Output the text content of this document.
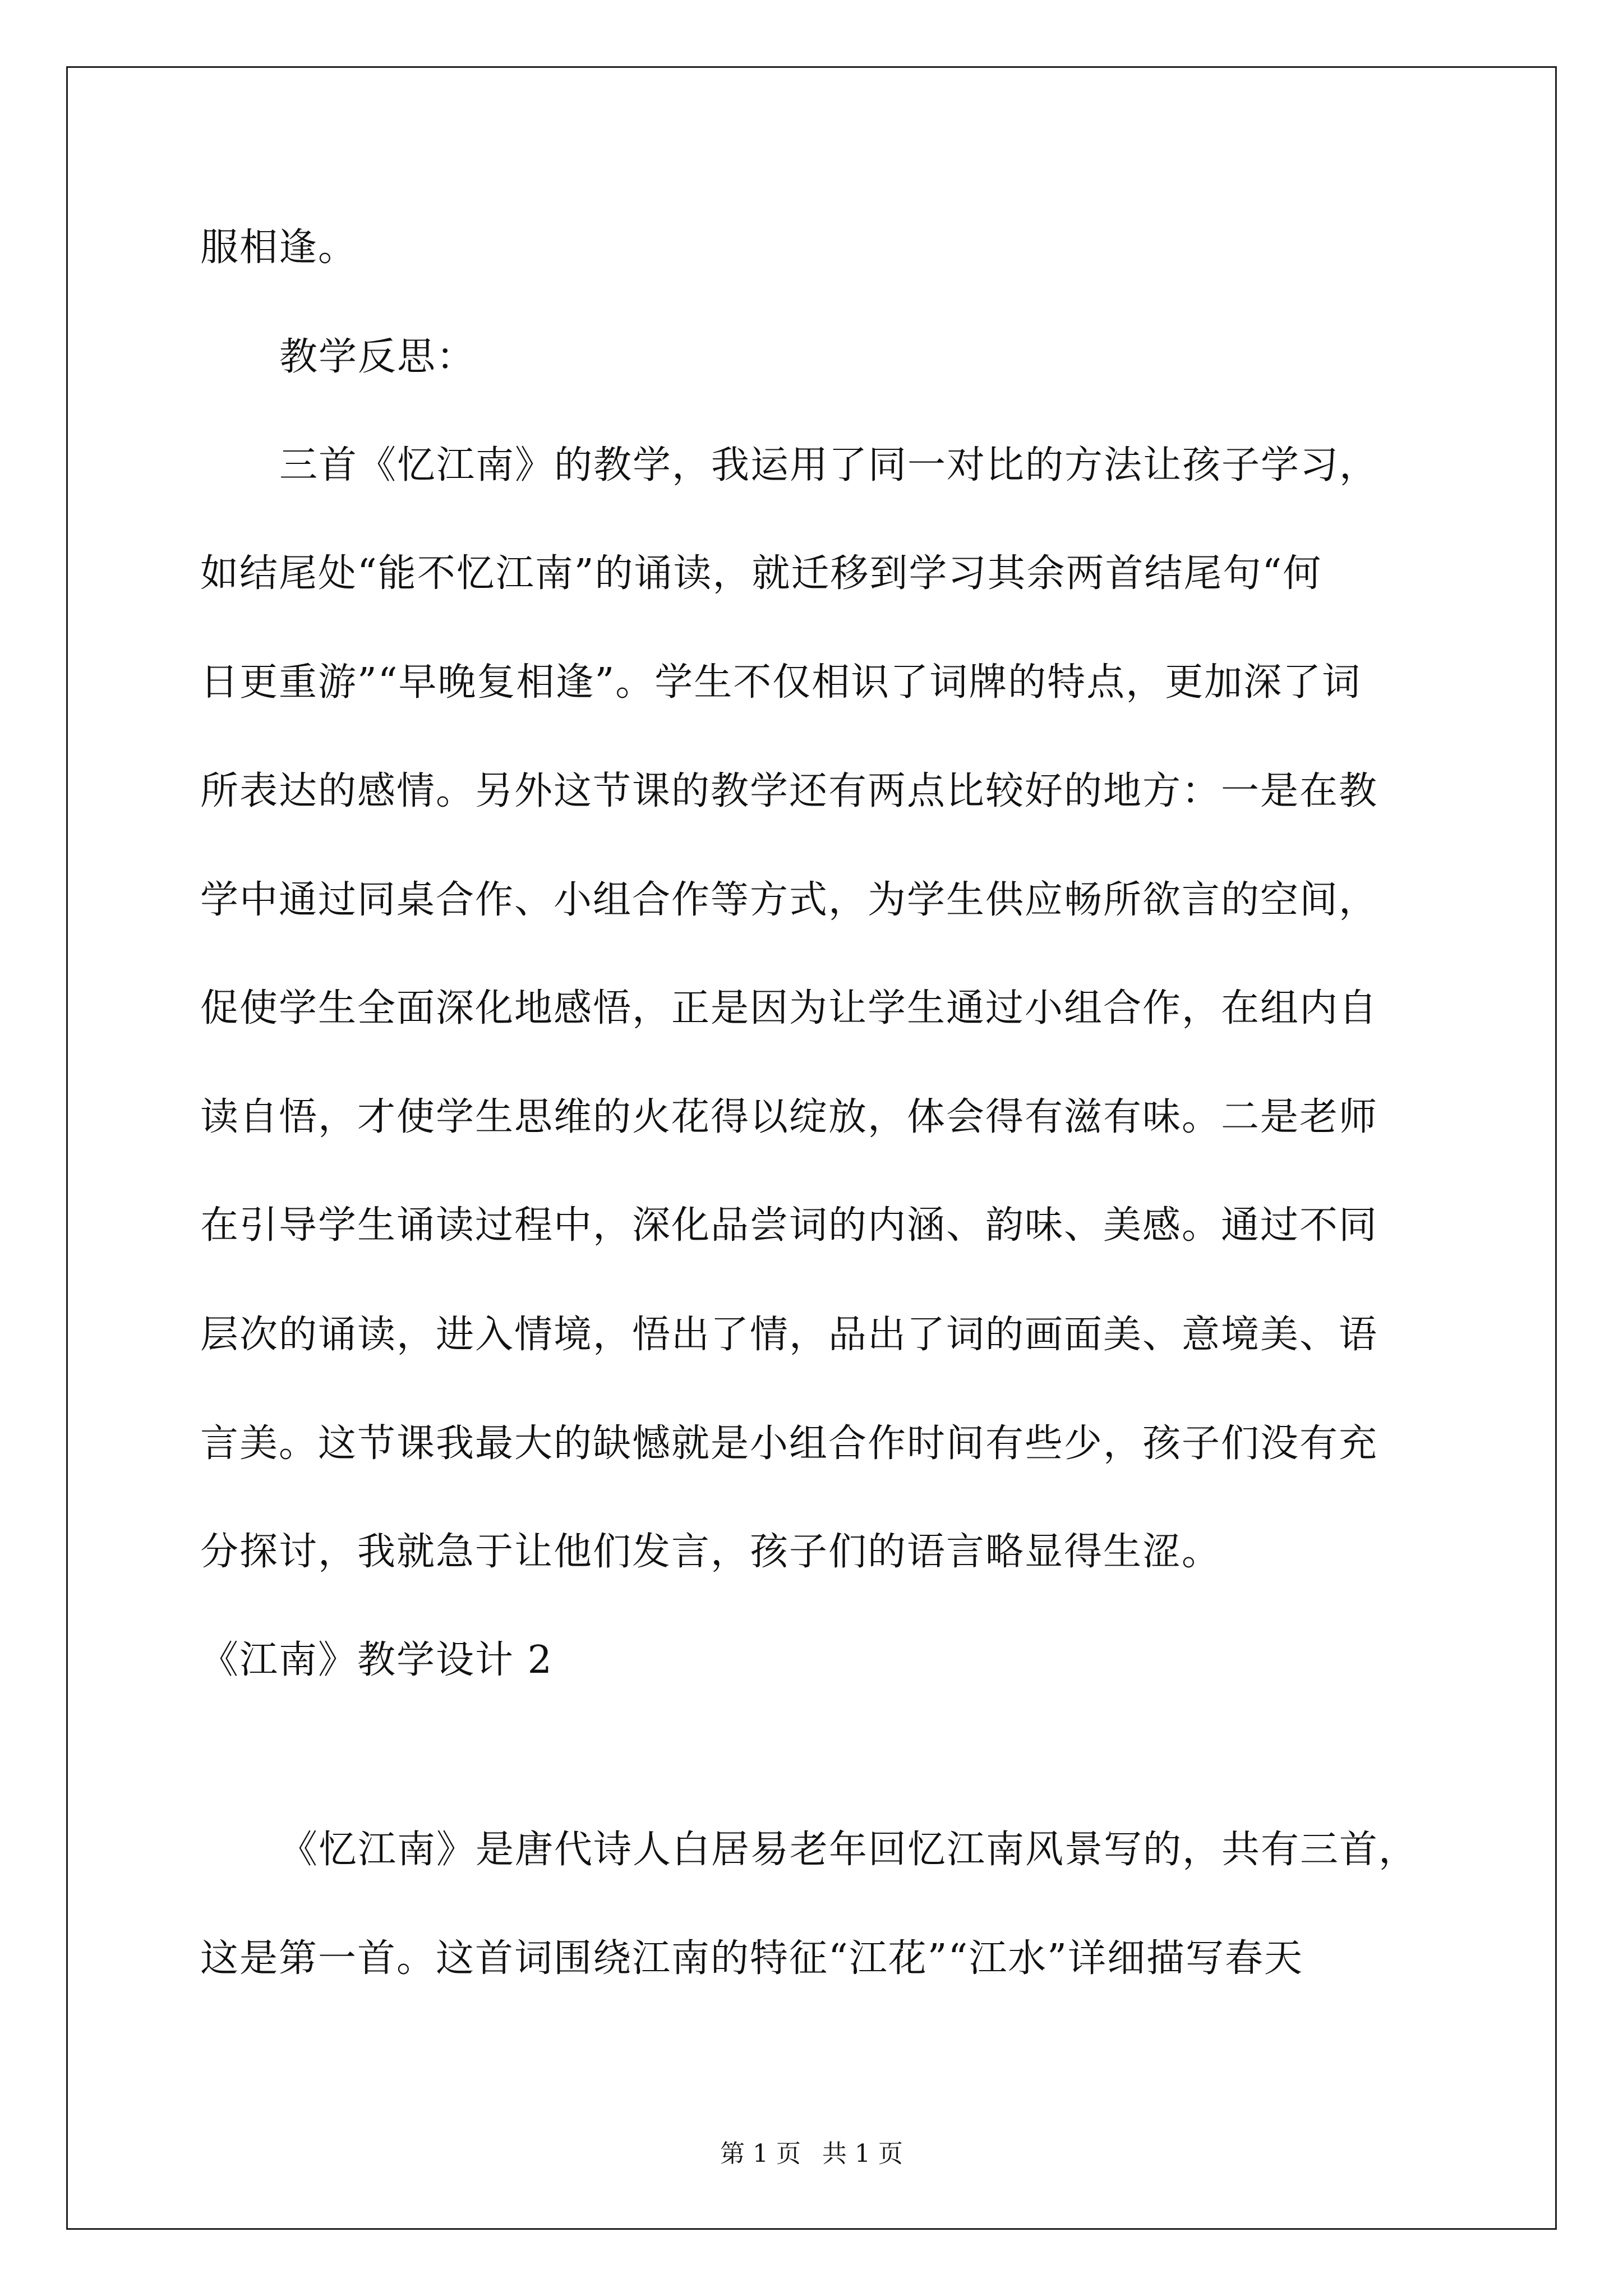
服相逢。
教学反思：
三首《忆江南》的教学，我运用了同一对比的方法让孩子学习，
如结尾处“能不忆江南”的诵读，就迁移到学习其余两首结尾句“何
日更重游”“早晚复相逢”。学生不仅相识了词牌的特点，更加深了词
所表达的感情。另外这节课的教学还有两点比较好的地方：一是在教
学中通过同桌合作、小组合作等方式，为学生供应畅所欲言的空间，
促使学生全面深化地感悟，正是因为让学生通过小组合作，在组内自
读自悟，才使学生思维的火花得以绽放，体会得有滋有味。二是老师
在引导学生诵读过程中，深化品尝词的内涵、韵味、美感。通过不同
层次的诵读，进入情境，悟出了情，品出了词的画面美、意境美、语
言美。这节课我最大的缺憾就是小组合作时间有些少，孩子们没有充
分探讨，我就急于让他们发言，孩子们的语言略显得生涩。
《江南》教学设计 2
《忆江南》是唐代诗人白居易老年回忆江南风景写的，共有三首，
这是第一首。这首词围绕江南的特征“江花”“江水”详细描写春天
第 1 页 共 1 页
